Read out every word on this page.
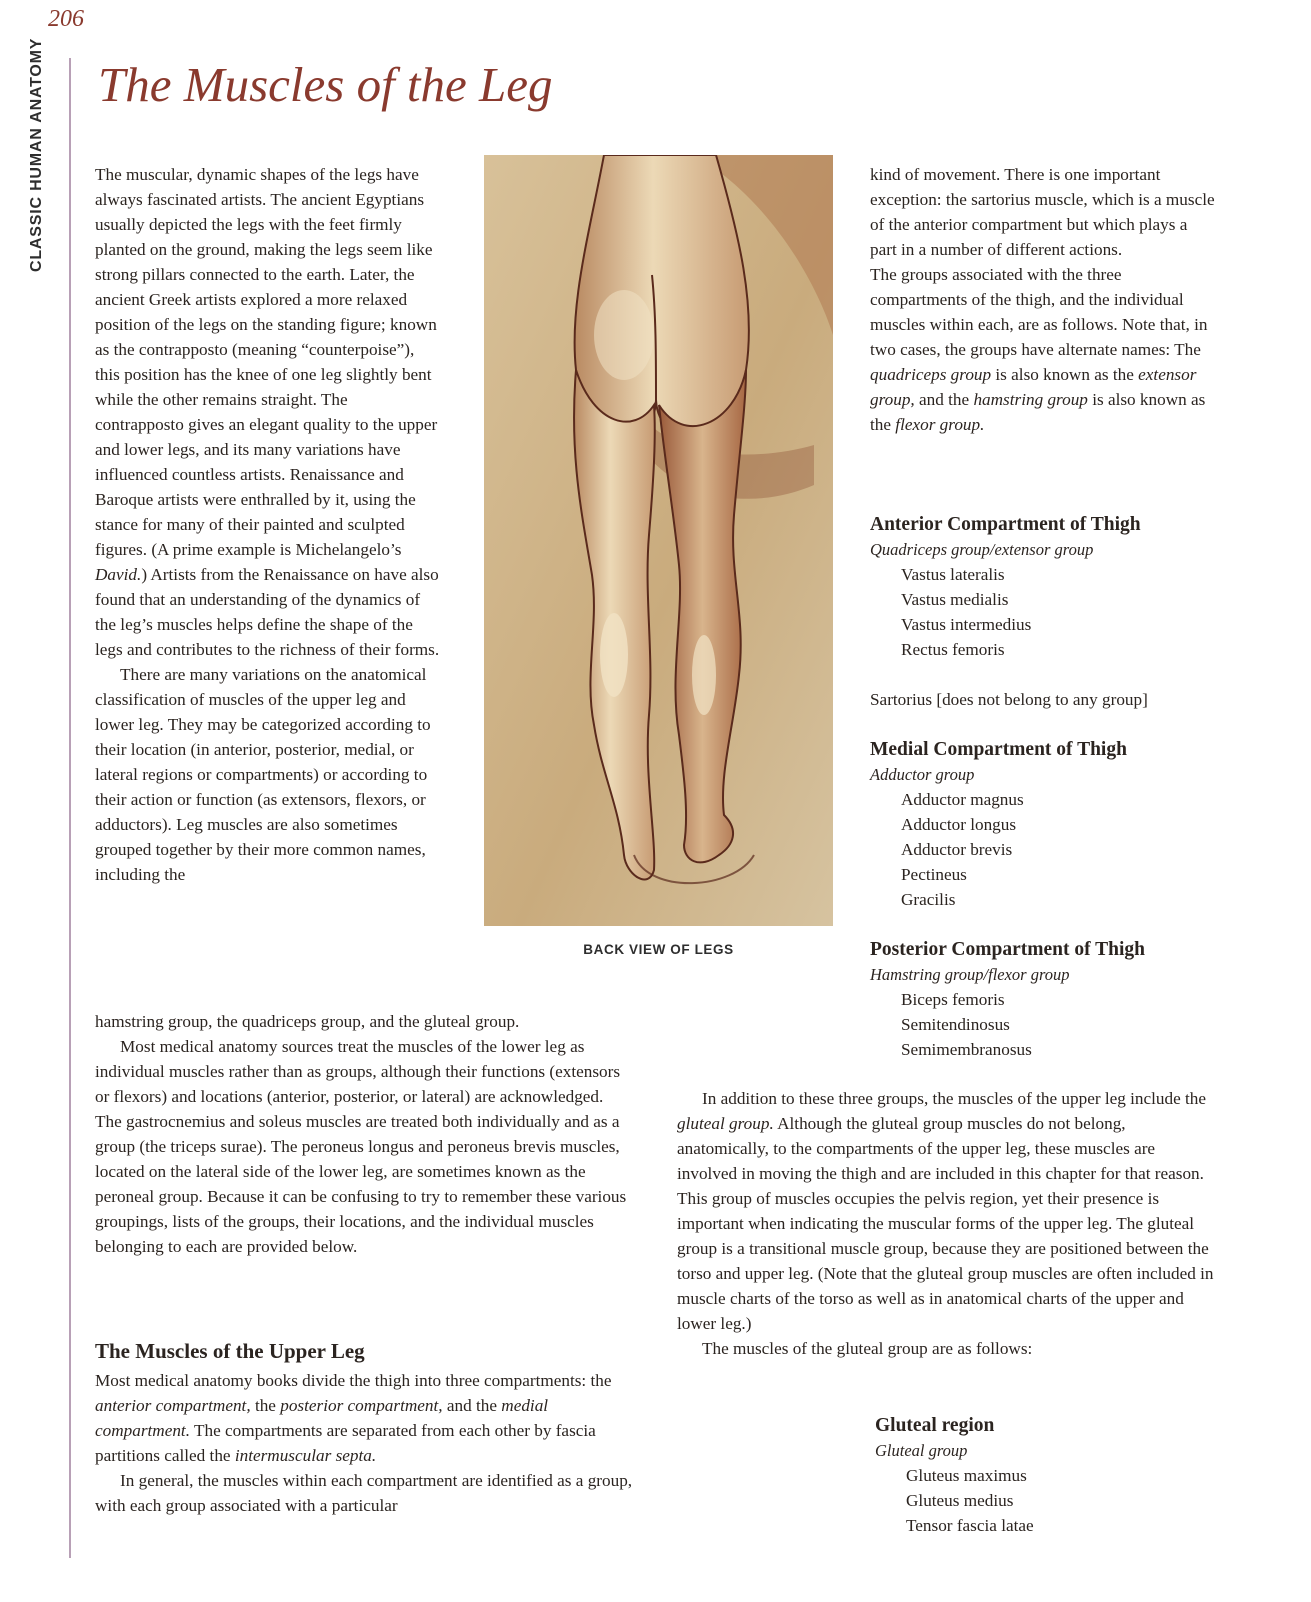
206
CLASSIC HUMAN ANATOMY The Muscles of the Leg
BACK VIEW OF LEGS

The muscular, dynamic shapes of the legs have always fascinated artists. The ancient Egyptians usually depicted the legs with the feet firmly planted on the ground, making the legs seem like strong pillars connected to the earth. Later, the ancient Greek artists explored a more relaxed position of the legs on the standing figure; known as the contrapposto (meaning “counterpoise”), this position has the knee of one leg slightly bent while the other remains straight. The contrapposto gives an elegant quality to the upper and lower legs, and its many variations have influenced countless artists. Renaissance and Baroque artists were enthralled by it, using the stance for many of their painted and sculpted figures. (A prime example is Michelangelo’s David.) Artists from the Renaissance on have also found that an understanding of the dynamics of the leg’s muscles helps define the shape of the legs and contributes to the richness of their forms.

There are many variations on the anatomical classification of muscles of the upper leg and lower leg. They may be categorized according to their location (in anterior, posterior, medial, or lateral regions or compartments) or according to their action or function (as extensors, flexors, or adductors). Leg muscles are also sometimes grouped together by their more common names, including the

hamstring group, the quadriceps group, and the gluteal group.

Most medical anatomy sources treat the muscles of the lower leg as individual muscles rather than as groups, although their functions (extensors or flexors) and locations (anterior, posterior, or lateral) are acknowledged. The gastrocnemius and soleus muscles are treated both individually and as a group (the triceps surae). The peroneus longus and peroneus brevis muscles, located on the lateral side of the lower leg, are sometimes known as the peroneal group. Because it can be confusing to try to remember these various groupings, lists of the groups, their locations, and the individual muscles belonging to each are provided below.

The Muscles of the Upper Leg

Most medical anatomy books divide the thigh into three compartments: the anterior compartment, the posterior compartment, and the medial compartment. The compartments are separated from each other by fascia partitions called the intermuscular septa.

In general, the muscles within each compartment are identified as a group, with each group associated with a particular

kind of movement. There is one important exception: the sartorius muscle, which is a muscle of the anterior compartment but which plays a part in a number of different actions.

The groups associated with the three compartments of the thigh, and the individual muscles within each, are as follows. Note that, in two cases, the groups have alternate names: The quadriceps group is also known as the extensor group, and the hamstring group is also known as the flexor group.

Anterior Compartment of Thigh

Quadriceps group/extensor group

Vastus lateralis
Vastus medialis
Vastus intermedius
Rectus femoris

Sartorius [does not belong to any group]

Medial Compartment of Thigh

Adductor group

Adductor magnus
Adductor longus
Adductor brevis
Pectineus
Gracilis
Posterior Compartment of Thigh

Hamstring group/flexor group

Biceps femoris
Semitendinosus
Semimembranosus

In addition to these three groups, the muscles of the upper leg include the gluteal group. Although the gluteal group muscles do not belong, anatomically, to the compartments of the upper leg, these muscles are involved in moving the thigh and are included in this chapter for that reason. This group of muscles occupies the pelvis region, yet their presence is important when indicating the muscular forms of the upper leg. The gluteal group is a transitional muscle group, because they are positioned between the torso and upper leg. (Note that the gluteal group muscles are often included in muscle charts of the torso as well as in anatomical charts of the upper and lower leg.)

The muscles of the gluteal group are as follows:

Gluteal region

Gluteal group

Gluteus maximus
Gluteus medius
Tensor fascia latae
